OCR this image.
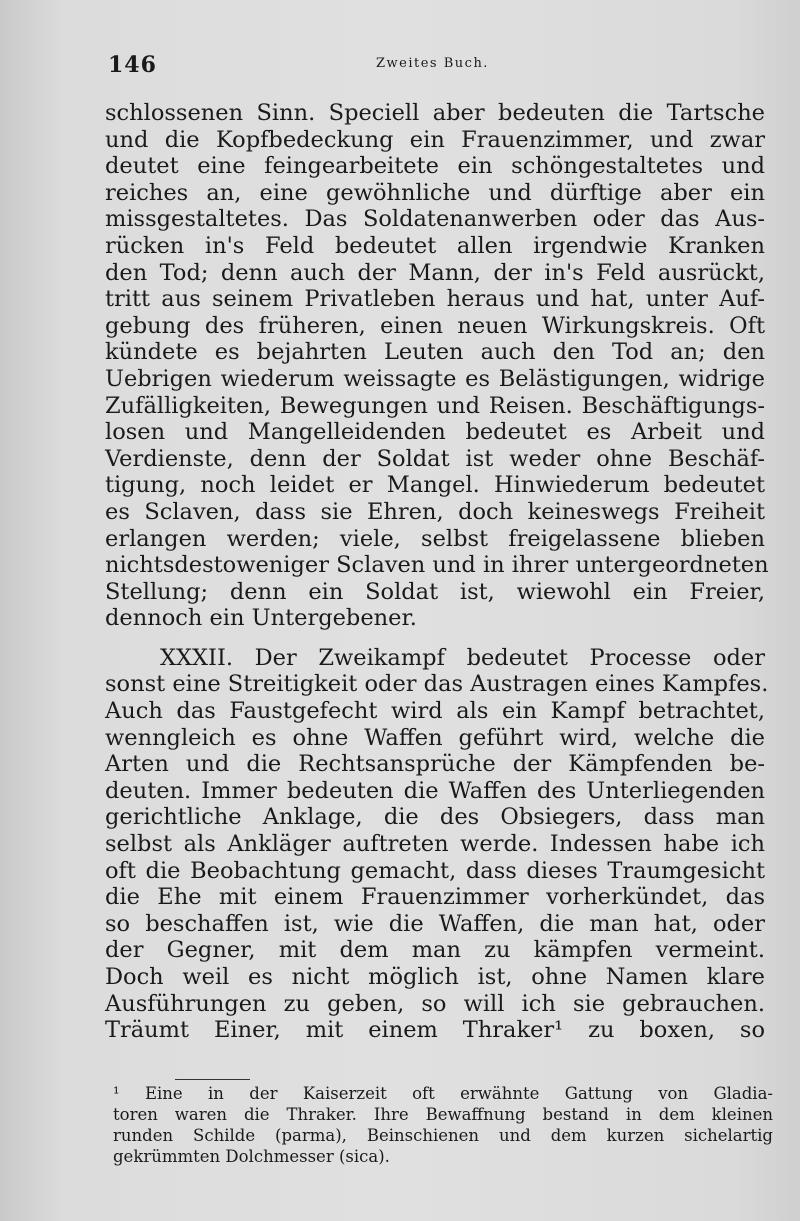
146	Zweites Buch.
schlossenen Sinn. Speciell aber bedeuten die Tartsche
und die Kopfbedeckung ein Frauenzimmer, und zwar
deutet eine feingearbeitete ein schöngestaltetes und
reiches an, eine gewöhnliche und dürftige aber ein
missgestaltetes. Das Soldatenanwerben oder das Aus-
rücken in's Feld bedeutet allen irgendwie Kranken
den Tod; denn auch der Mann, der in's Feld ausrückt,
tritt aus seinem Privatleben heraus und hat, unter Auf-
gebung des früheren, einen neuen Wirkungskreis. Oft
kündete es bejahrten Leuten auch den Tod an; den
Uebrigen wiederum weissagte es Belästigungen, widrige
Zufälligkeiten, Bewegungen und Reisen. Beschäftigungs-
losen und Mangelleidenden bedeutet es Arbeit und
Verdienste, denn der Soldat ist weder ohne Beschäf-
tigung, noch leidet er Mangel. Hinwiederum bedeutet
es Sclaven, dass sie Ehren, doch keineswegs Freiheit
erlangen werden; viele, selbst freigelassene blieben
nichtsdestoweniger Sclaven und in ihrer untergeordneten
Stellung; denn ein Soldat ist, wiewohl ein Freier,
dennoch ein Untergebener.
XXXII. Der Zweikampf bedeutet Processe oder
sonst eine Streitigkeit oder das Austragen eines Kampfes.
Auch das Faustgefecht wird als ein Kampf betrachtet,
wenngleich es ohne Waffen geführt wird, welche die
Arten und die Rechtsansprüche der Kämpfenden be-
deuten. Immer bedeuten die Waffen des Unterliegenden
gerichtliche Anklage, die des Obsiegers, dass man
selbst als Ankläger auftreten werde. Indessen habe ich
oft die Beobachtung gemacht, dass dieses Traumgesicht
die Ehe mit einem Frauenzimmer vorherkündet, das
so beschaffen ist, wie die Waffen, die man hat, oder
der Gegner, mit dem man zu kämpfen vermeint.
Doch weil es nicht möglich ist, ohne Namen klare
Ausführungen zu geben, so will ich sie gebrauchen.
Träumt Einer, mit einem Thraker¹ zu boxen, so
¹ Eine in der Kaiserzeit oft erwähnte Gattung von Gladia-
toren waren die Thraker. Ihre Bewaffnung bestand in dem kleinen
runden Schilde (parma), Beinschienen und dem kurzen sichelartig
gekrümmten Dolchmesser (sica).
